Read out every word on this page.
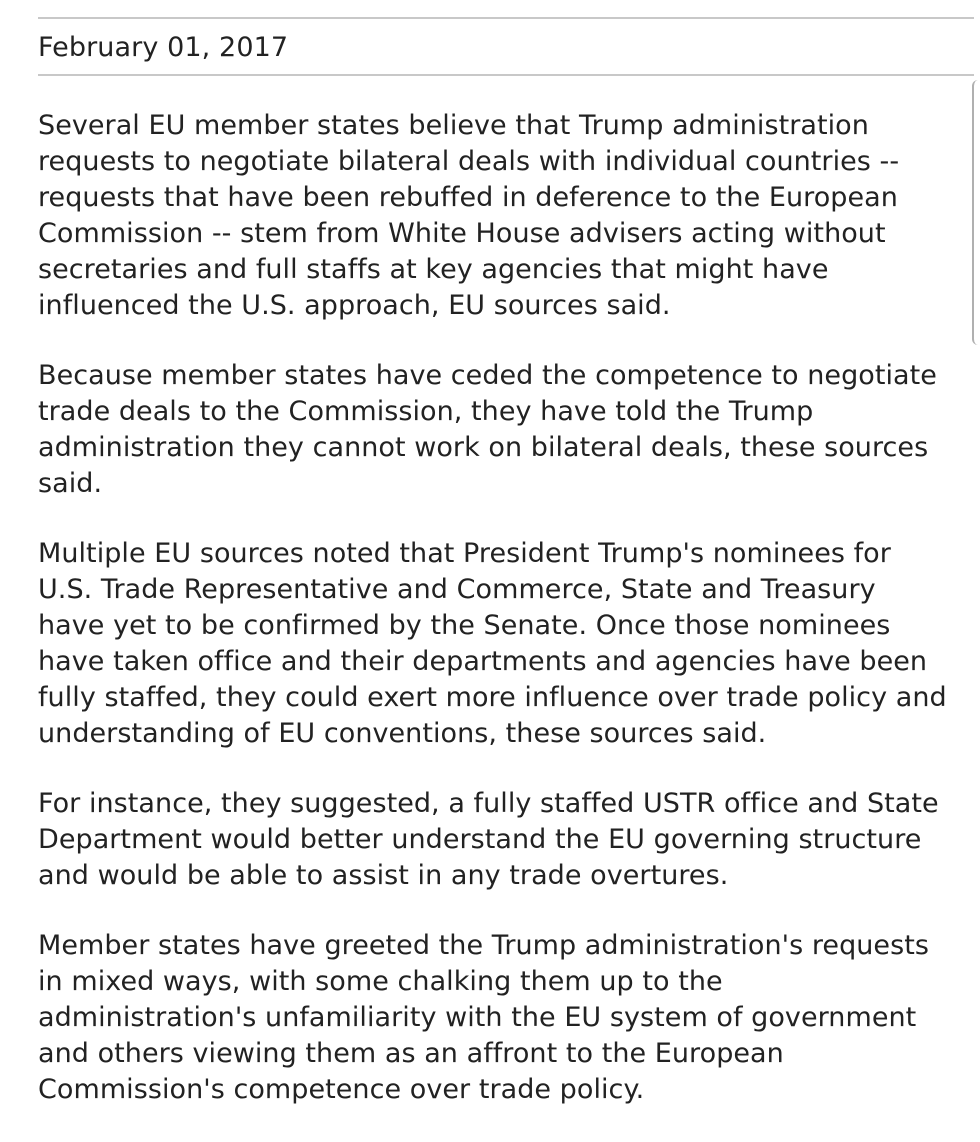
February 01, 2017

Several EU member states believe that Trump administration
requests to negotiate bilateral deals with individual countries --
requests that have been rebuffed in deference to the European
Commission -- stem from White House advisers acting without
secretaries and full staffs at key agencies that might have
influenced the U.S. approach, EU sources said.

Because member states have ceded the competence to negotiate
trade deals to the Commission, they have told the Trump
administration they cannot work on bilateral deals, these sources
said.

Multiple EU sources noted that President Trump's nominees for
U.S. Trade Representative and Commerce, State and Treasury
have yet to be confirmed by the Senate. Once those nominees
have taken office and their departments and agencies have been
fully staffed, they could exert more influence over trade policy and
understanding of EU conventions, these sources said.

For instance, they suggested, a fully staffed USTR office and State
Department would better understand the EU governing structure
and would be able to assist in any trade overtures.

Member states have greeted the Trump administration's requests
in mixed ways, with some chalking them up to the
administration's unfamiliarity with the EU system of government
and others viewing them as an affront to the European
Commission's competence over trade policy.
